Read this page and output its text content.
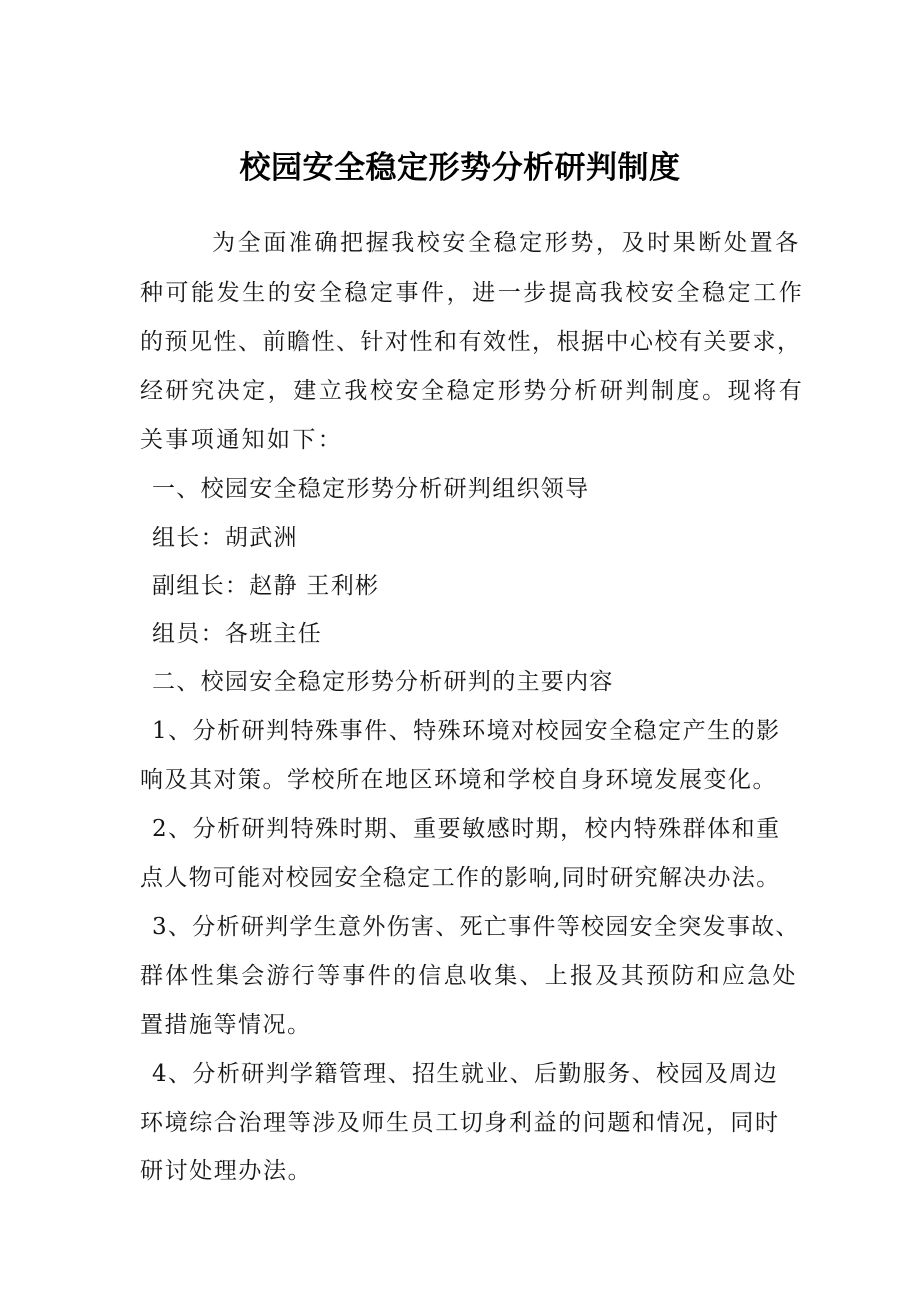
校园安全稳定形势分析研判制度

为全面准确把握我校安全稳定形势，及时果断处置各

种可能发生的安全稳定事件，进一步提高我校安全稳定工作

的预见性、前瞻性、针对性和有效性，根据中心校有关要求，

经研究决定，建立我校安全稳定形势分析研判制度。现将有

关事项通知如下：

一、校园安全稳定形势分析研判组织领导

组长：胡武洲

副组长：赵静 王利彬

组员：各班主任

二、校园安全稳定形势分析研判的主要内容

1、分析研判特殊事件、特殊环境对校园安全稳定产生的影

响及其对策。学校所在地区环境和学校自身环境发展变化。

2、分析研判特殊时期、重要敏感时期，校内特殊群体和重

点人物可能对校园安全稳定工作的影响,同时研究解决办法。

3、分析研判学生意外伤害、死亡事件等校园安全突发事故、

群体性集会游行等事件的信息收集、上报及其预防和应急处

置措施等情况。

4、分析研判学籍管理、招生就业、后勤服务、校园及周边

环境综合治理等涉及师生员工切身利益的问题和情况，同时

研讨处理办法。
